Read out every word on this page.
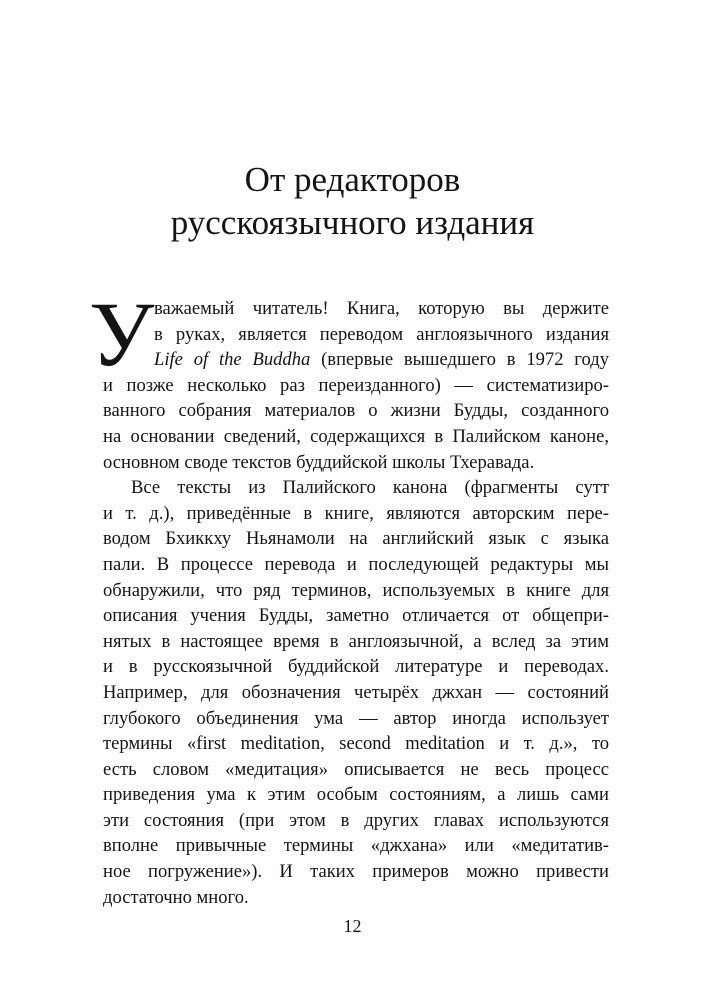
От редакторов
русскоязычного издания
У важаемый читатель! Книга, которую вы держите
в руках, является переводом англоязычного издания
Life of the Buddha (впервые вышедшего в 1972 году
и позже несколько раз переизданного) — систематизиро-
ванного собрания материалов о жизни Будды, созданного
на основании сведений, содержащихся в Палийском каноне,
основном своде текстов буддийской школы Тхеравада.
Все тексты из Палийского канона (фрагменты сутт
и т. д.), приведённые в книге, являются авторским пере-
водом Бхиккху Ньянамоли на английский язык с языка
пали. В процессе перевода и последующей редактуры мы
обнаружили, что ряд терминов, используемых в книге для
описания учения Будды, заметно отличается от общепри-
нятых в настоящее время в англоязычной, а вслед за этим
и в русскоязычной буддийской литературе и переводах.
Например, для обозначения четырёх джхан — состояний
глубокого объединения ума — автор иногда использует
термины «first meditation, second meditation и т. д.», то
есть словом «медитация» описывается не весь процесс
приведения ума к этим особым состояниям, а лишь сами
эти состояния (при этом в других главах используются
вполне привычные термины «джхана» или «медитатив-
ное погружение»). И таких примеров можно привести
достаточно много.
12
